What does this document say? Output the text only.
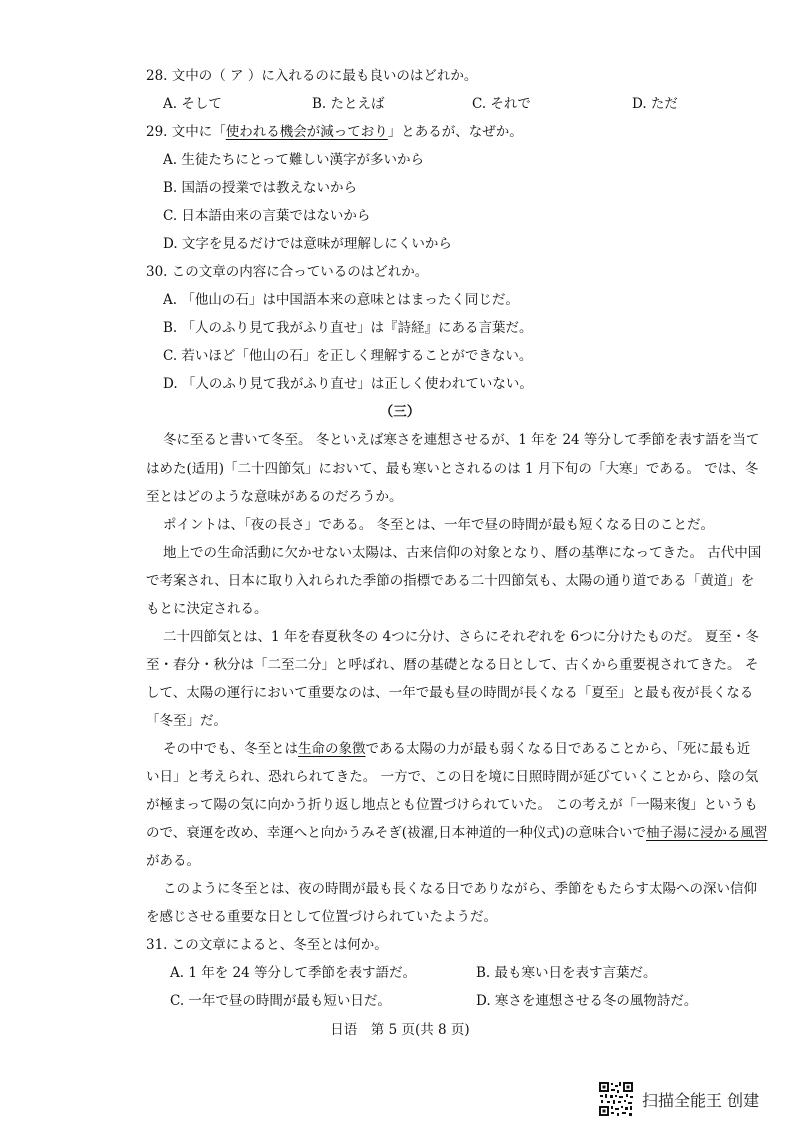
28. 文中の（ ア ）に入れるのに最も良いのはどれか。
A. そして	B. たとえば	C. それで	D. ただ
29. 文中に「使われる機会が減っており」とあるが、なぜか。
A. 生徒たちにとって難しい漢字が多いから
B. 国語の授業では教えないから
C. 日本語由来の言葉ではないから
D. 文字を見るだけでは意味が理解しにくいから
30. この文章の内容に合っているのはどれか。
A. 「他山の石」は中国語本来の意味とはまったく同じだ。
B. 「人のふり見て我がふり直せ」は『詩経』にある言葉だ。
C. 若いほど「他山の石」を正しく理解することができない。
D. 「人のふり見て我がふり直せ」は正しく使われていない。
（三）
冬に至ると書いて冬至。 冬といえば寒さを連想させるが、1 年を 24 等分して季節を表す語を当て
はめた(适用)「二十四節気」において、最も寒いとされるのは 1 月下旬の「大寒」である。 では、冬
至とはどのような意味があるのだろうか。
ポイントは、「夜の長さ」である。 冬至とは、一年で昼の時間が最も短くなる日のことだ。
地上での生命活動に欠かせない太陽は、古来信仰の対象となり、暦の基準になってきた。 古代中国
で考案され、日本に取り入れられた季節の指標である二十四節気も、太陽の通り道である「黄道」を
もとに決定される。
二十四節気とは、1 年を春夏秋冬の 4つに分け、さらにそれぞれを 6つに分けたものだ。 夏至・冬
至・春分・秋分は「二至二分」と呼ばれ、暦の基礎となる日として、古くから重要視されてきた。 そ
して、太陽の運行において重要なのは、一年で最も昼の時間が長くなる「夏至」と最も夜が長くなる
「冬至」だ。
その中でも、冬至とは生命の象徴である太陽の力が最も弱くなる日であることから、「死に最も近
い日」と考えられ、恐れられてきた。 一方で、この日を境に日照時間が延びていくことから、陰の気
が極まって陽の気に向かう折り返し地点とも位置づけられていた。 この考えが「一陽来復」というも
ので、衰運を改め、幸運へと向かうみそぎ(祓濯,日本神道的一种仪式)の意味合いで柚子湯に浸かる風習
がある。
このように冬至とは、夜の時間が最も長くなる日でありながら、季節をもたらす太陽への深い信仰
を感じさせる重要な日として位置づけられていたようだ。
31. この文章によると、冬至とは何か。
A. 1 年を 24 等分して季節を表す語だ。	B. 最も寒い日を表す言葉だ。
C. 一年で昼の時間が最も短い日だ。	D. 寒さを連想させる冬の風物詩だ。
日语　第 5 页(共 8 页)
扫描全能王 创建
